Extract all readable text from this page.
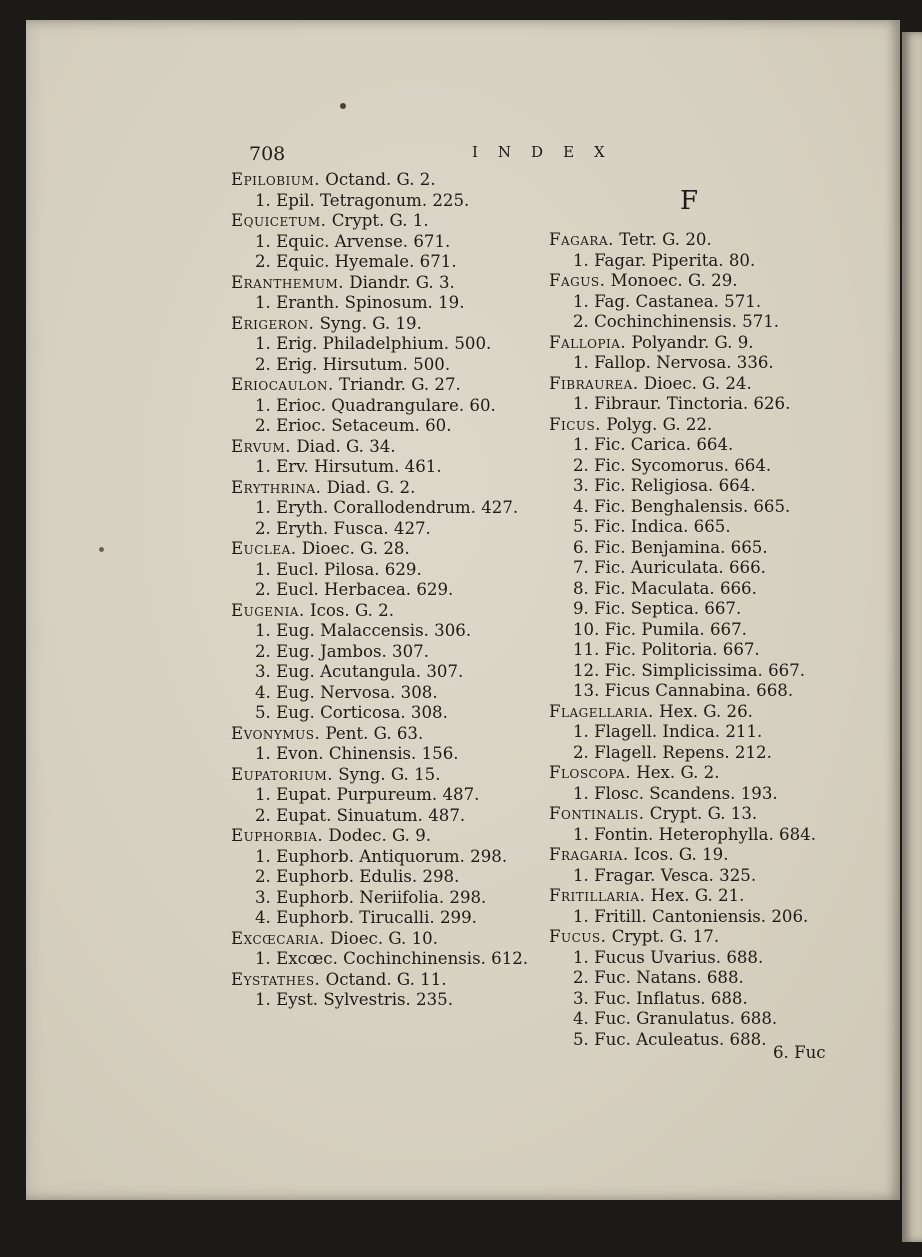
708	INDEX
F
Epilobium. Octand. G. 2.
1. Epil. Tetragonum. 225.
Equicetum. Crypt. G. 1.
1. Equic. Arvense. 671.
2. Equic. Hyemale. 671.
Eranthemum. Diandr. G. 3.
1. Eranth. Spinosum. 19.
Erigeron. Syng. G. 19.
1. Erig. Philadelphium. 500.
2. Erig. Hirsutum. 500.
Eriocaulon. Triandr. G. 27.
1. Erioc. Quadrangulare. 60.
2. Erioc. Setaceum. 60.
Ervum. Diad. G. 34.
1. Erv. Hirsutum. 461.
Erythrina. Diad. G. 2.
1. Eryth. Corallodendrum. 427.
2. Eryth. Fusca. 427.
Euclea. Dioec. G. 28.
1. Eucl. Pilosa. 629.
2. Eucl. Herbacea. 629.
Eugenia. Icos. G. 2.
1. Eug. Malaccensis. 306.
2. Eug. Jambos. 307.
3. Eug. Acutangula. 307.
4. Eug. Nervosa. 308.
5. Eug. Corticosa. 308.
Evonymus. Pent. G. 63.
1. Evon. Chinensis. 156.
Eupatorium. Syng. G. 15.
1. Eupat. Purpureum. 487.
2. Eupat. Sinuatum. 487.
Euphorbia. Dodec. G. 9.
1. Euphorb. Antiquorum. 298.
2. Euphorb. Edulis. 298.
3. Euphorb. Neriifolia. 298.
4. Euphorb. Tirucalli. 299.
Excœcaria. Dioec. G. 10.
1. Excœc. Cochinchinensis. 612.
Eystathes. Octand. G. 11.
1. Eyst. Sylvestris. 235.
Fagara. Tetr. G. 20.
1. Fagar. Piperita. 80.
Fagus. Monoec. G. 29.
1. Fag. Castanea. 571.
2. Cochinchinensis. 571.
Fallopia. Polyandr. G. 9.
1. Fallop. Nervosa. 336.
Fibraurea. Dioec. G. 24.
1. Fibraur. Tinctoria. 626.
Ficus. Polyg. G. 22.
1. Fic. Carica. 664.
2. Fic. Sycomorus. 664.
3. Fic. Religiosa. 664.
4. Fic. Benghalensis. 665.
5. Fic. Indica. 665.
6. Fic. Benjamina. 665.
7. Fic. Auriculata. 666.
8. Fic. Maculata. 666.
9. Fic. Septica. 667.
10. Fic. Pumila. 667.
11. Fic. Politoria. 667.
12. Fic. Simplicissima. 667.
13. Ficus Cannabina. 668.
Flagellaria. Hex. G. 26.
1. Flagell. Indica. 211.
2. Flagell. Repens. 212.
Floscopa. Hex. G. 2.
1. Flosc. Scandens. 193.
Fontinalis. Crypt. G. 13.
1. Fontin. Heterophylla. 684.
Fragaria. Icos. G. 19.
1. Fragar. Vesca. 325.
Fritillaria. Hex. G. 21.
1. Fritill. Cantoniensis. 206.
Fucus. Crypt. G. 17.
1. Fucus Uvarius. 688.
2. Fuc. Natans. 688.
3. Fuc. Inflatus. 688.
4. Fuc. Granulatus. 688.
5. Fuc. Aculeatus. 688.
6. Fuc
